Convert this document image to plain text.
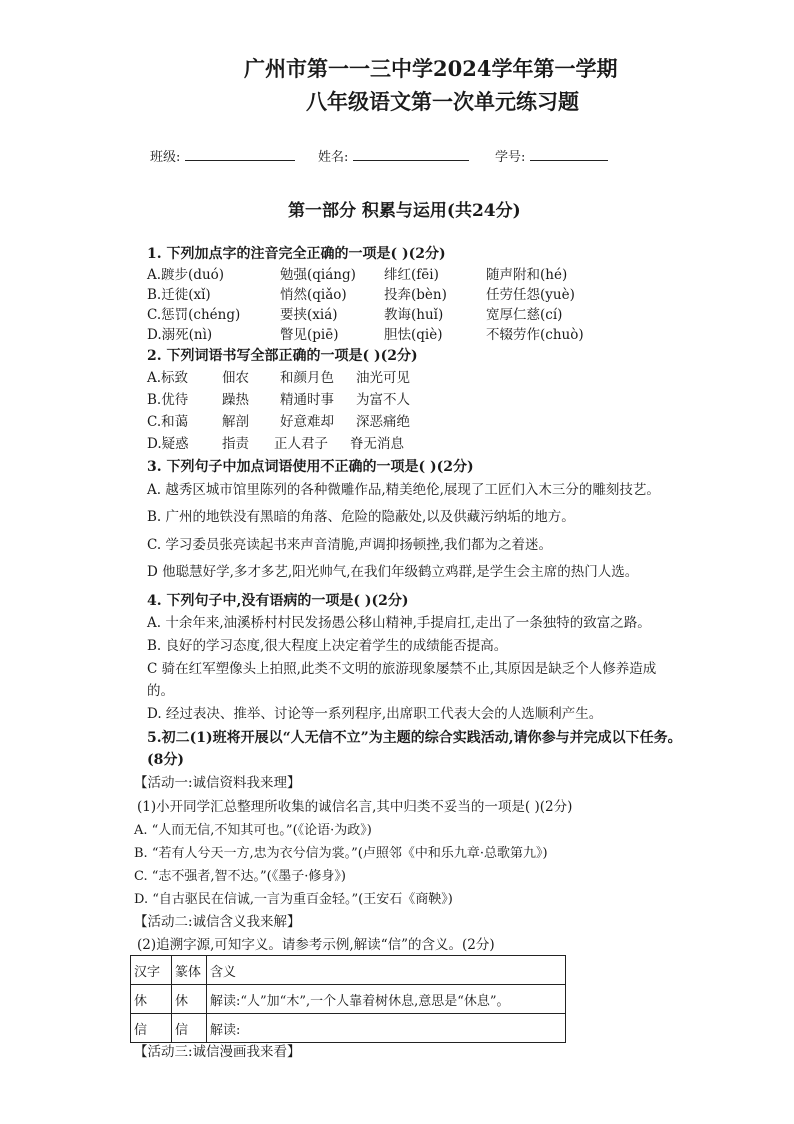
广州市第一一三中学2024学年第一学期
八年级语文第一次单元练习题
班级:	姓名:	学号:
第一部分 积累与运用(共24分)
1. 下列加点字的注音完全正确的一项是( )(2分)
A.踱步(duó)	勉强(qiáng) 绯红(fēi)	随声附和(hé)
B.迁徙(xǐ)	悄然(qiǎo)	投奔(bèn)	任劳任怨(yuè)
C.惩罚(chéng)	要挟(xiá)	教诲(huǐ)	宽厚仁慈(cí)
D.溺死(nì)	瞥见(piē)	胆怯(qiè)	不辍劳作(chuò)
2. 下列词语书写全部正确的一项是( )(2分)
A.标致	佃农 和颜月色 油光可见
B.优待	躁热 精通时事 为富不人
C.和蔼	解剖 好意难却 深恶痛绝
D.疑惑 指责 正人君子 脊无消息
3. 下列句子中加点词语使用不正确的一项是( )(2分)
A. 越秀区城市馆里陈列的各种微雕作品,精美绝伦,展现了工匠们入木三分的雕刻技艺。
B. 广州的地铁没有黑暗的角落、危险的隐蔽处,以及供藏污纳垢的地方。
C. 学习委员张亮读起书来声音清脆,声调抑扬顿挫,我们都为之着迷。
D 他聪慧好学,多才多艺,阳光帅气,在我们年级鹤立鸡群,是学生会主席的热门人选。
4. 下列句子中,没有语病的一项是( )(2分)
A. 十余年来,油溪桥村村民发扬愚公移山精神,手提肩扛,走出了一条独特的致富之路。
B. 良好的学习态度,很大程度上决定着学生的成绩能否提高。
C 骑在红军塑像头上拍照,此类不文明的旅游现象屡禁不止,其原因是缺乏个人修养造成
的。
D. 经过表决、推举、讨论等一系列程序,出席职工代表大会的人选顺利产生。
5.初二(1)班将开展以“人无信不立”为主题的综合实践活动,请你参与并完成以下任务。
(8分)
【活动一:诚信资料我来理】
(1)小开同学汇总整理所收集的诚信名言,其中归类不妥当的一项是( )(2分)
A. “人而无信,不知其可也。”(《论语·为政》)
B. “若有人兮天一方,忠为衣兮信为裳。”(卢照邻《中和乐九章·总歌第九》)
C. “志不强者,智不达。”(《墨子·修身》)
D. “自古驱民在信诚,一言为重百金轻。”(王安石《商鞅》)
【活动二:诚信含义我来解】
(2)追溯字源,可知字义。请参考示例,解读“信”的含义。(2分)
汉字	篆体	含义
休	休	解读:“人”加“木”,一个人靠着树休息,意思是“休息”。
信	信	解读:
【活动三:诚信漫画我来看】
